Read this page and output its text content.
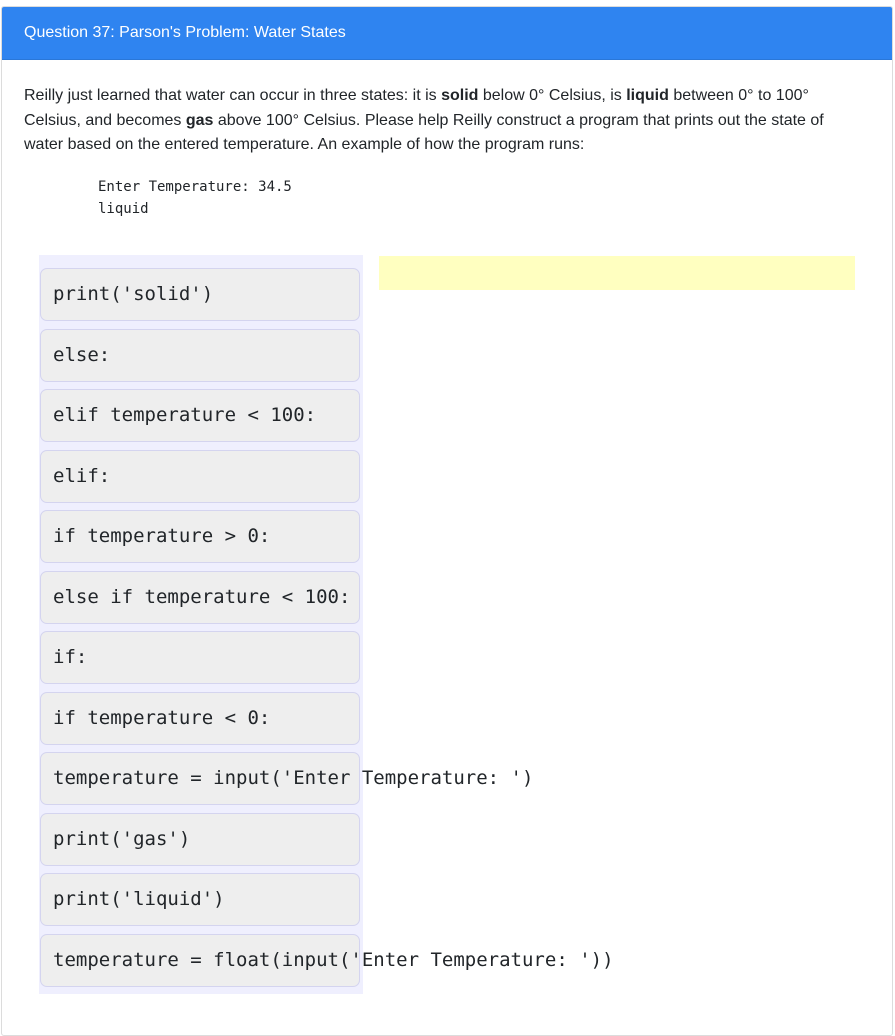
Question 37: Parson's Problem: Water States

Reilly just learned that water can occur in three states: it is solid below 0° Celsius, is liquid between 0° to 100° Celsius, and becomes gas above 100° Celsius. Please help Reilly construct a program that prints out the state of water based on the entered temperature. An example of how the program runs:

Enter Temperature: 34.5
liquid
print('solid')
else:
elif temperature < 100:
elif:
if temperature > 0:
else if temperature < 100:
if:
if temperature < 0:
temperature = input('Enter Temperature: ')
print('gas')
print('liquid')
temperature = float(input('Enter Temperature: '))
